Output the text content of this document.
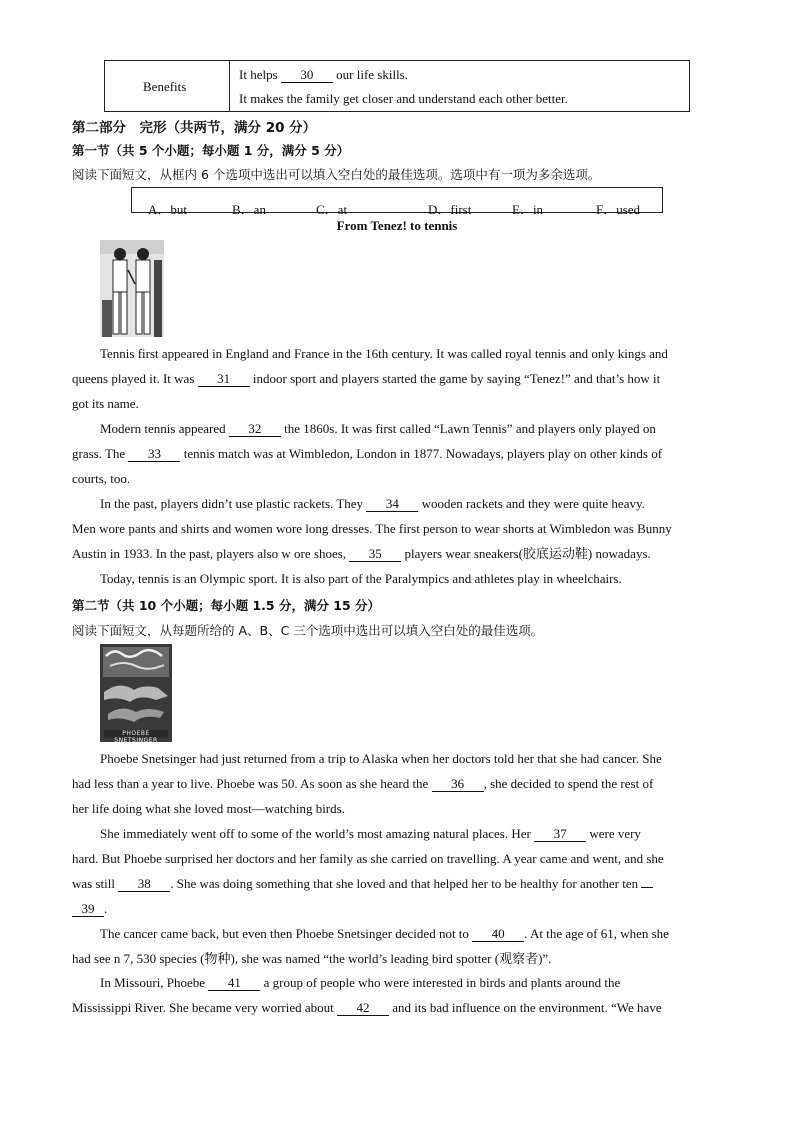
Benefits
It helps 30 our life skills.
It makes the family get closer and understand each other better.
第二部分　完形（共两节，满分 20 分）
第一节（共 5 个小题；每小题 1 分，满分 5 分）
阅读下面短文，从框内 6 个选项中选出可以填入空白处的最佳选项。选项中有一项为多余选项。
A．but	B．an	C．at	D．first	E．in	F．used
From Tenez! to tennis
Tennis first appeared in England and France in the 16th century. It was called royal tennis and only kings and
queens played it. It was 31 indoor sport and players started the game by saying “Tenez!” and that’s how it
got its name.
Modern tennis appeared 32 the 1860s. It was first called “Lawn Tennis” and players only played on
grass. The 33 tennis match was at Wimbledon, London in 1877. Nowadays, players play on other kinds of
courts, too.
In the past, players didn’t use plastic rackets. They 34 wooden rackets and they were quite heavy.
Men wore pants and shirts and women wore long dresses. The first person to wear shorts at Wimbledon was Bunny
Austin in 1933. In the past, players also w ore shoes, 35 players wear sneakers(胶底运动鞋) nowadays.
Today, tennis is an Olympic sport. It is also part of the Paralympics and athletes play in wheelchairs.
第二节（共 10 个小题；每小题 1.5 分，满分 15 分）
阅读下面短文，从每题所给的 A、B、C 三个选项中选出可以填入空白处的最佳选项。
PHOEBE SNETSINGER
Phoebe Snetsinger had just returned from a trip to Alaska when her doctors told her that she had cancer. She
had less than a year to live. Phoebe was 50. As soon as she heard the 36 , she decided to spend the rest of
her life doing what she loved most—watching birds.
She immediately went off to some of the world’s most amazing natural places. Her 37 were very
hard. But Phoebe surprised her doctors and her family as she carried on travelling. A year came and went, and she
was still 38 . She was doing something that she loved and that helped her to be healthy for another ten
39 .
The cancer came back, but even then Phoebe Snetsinger decided not to 40 . At the age of 61, when she
had see n 7, 530 species (物种), she was named “the world’s leading bird spotter (观察者)”.
In Missouri, Phoebe 41 a group of people who were interested in birds and plants around the
Mississippi River. She became very worried about 42 and its bad influence on the environment. “We have
